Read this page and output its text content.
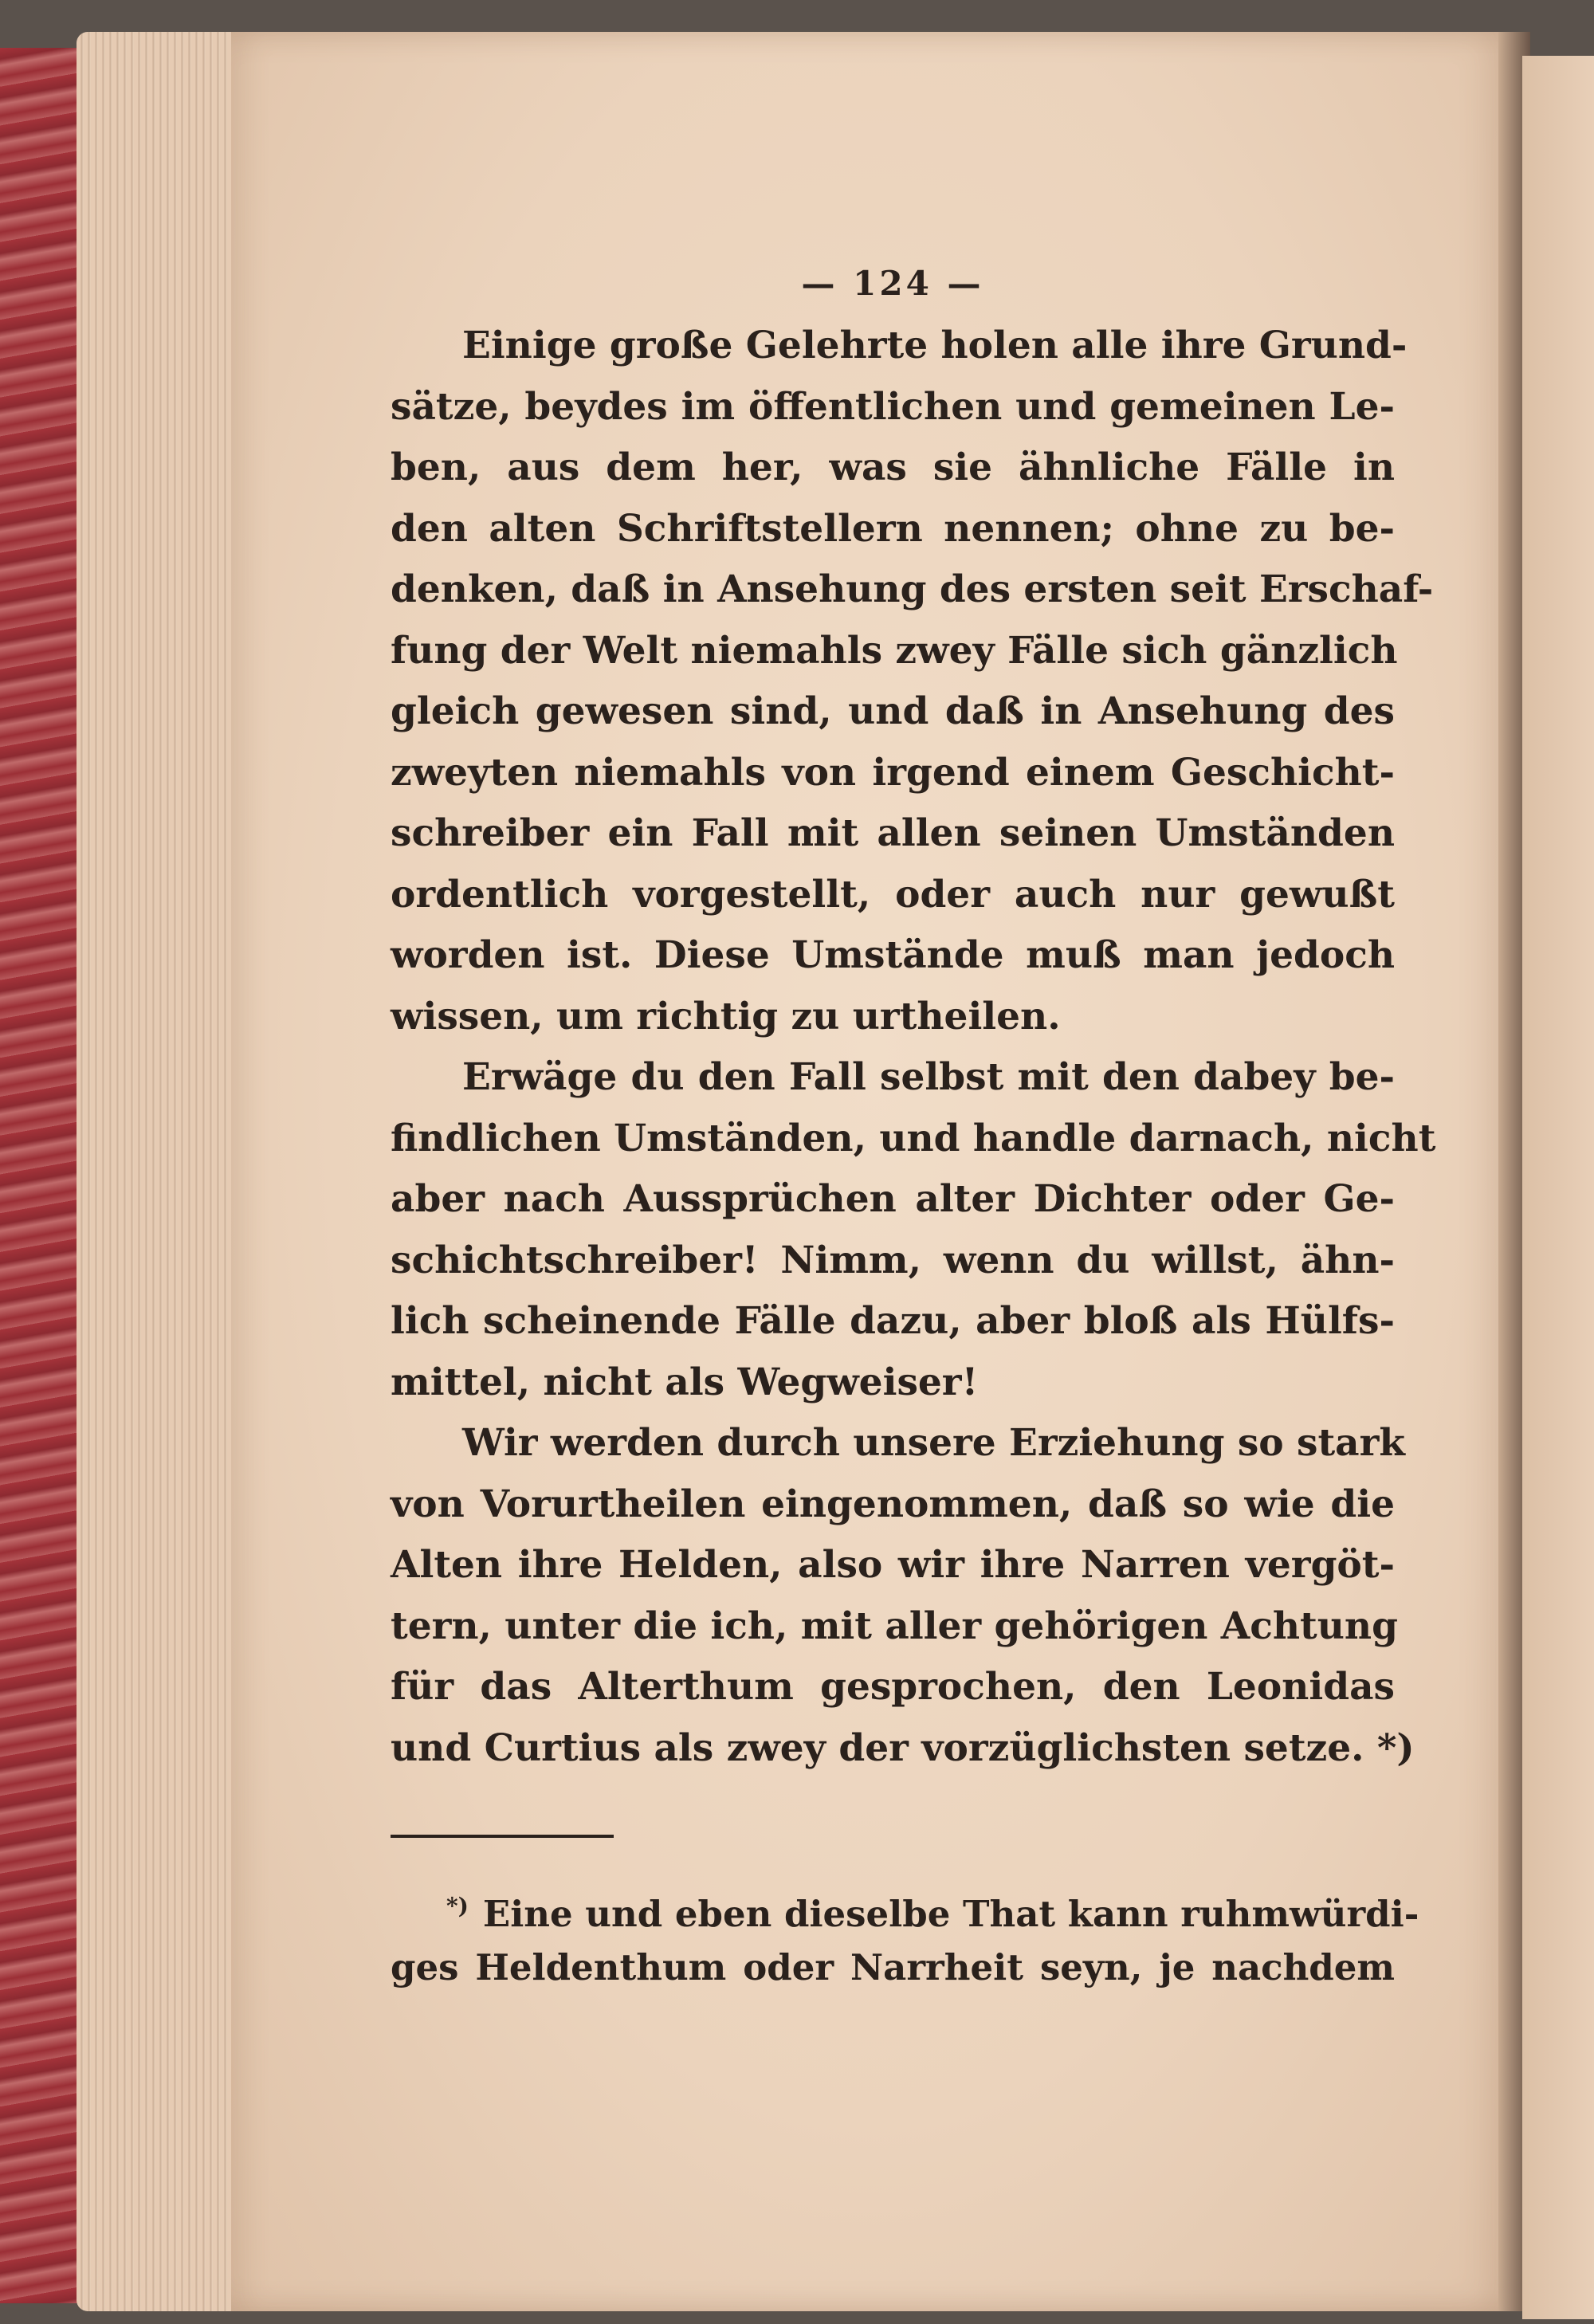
— 124 —
Einige große Gelehrte holen alle ihre Grund-
sätze, beydes im öffentlichen und gemeinen Le-
ben, aus dem her, was sie ähnliche Fälle in
den alten Schriftstellern nennen; ohne zu be-
denken, daß in Ansehung des ersten seit Erschaf-
fung der Welt niemahls zwey Fälle sich gänzlich
gleich gewesen sind, und daß in Ansehung des
zweyten niemahls von irgend einem Geschicht-
schreiber ein Fall mit allen seinen Umständen
ordentlich vorgestellt, oder auch nur gewußt
worden ist. Diese Umstände muß man jedoch
wissen, um richtig zu urtheilen.
Erwäge du den Fall selbst mit den dabey be-
findlichen Umständen, und handle darnach, nicht
aber nach Aussprüchen alter Dichter oder Ge-
schichtschreiber! Nimm, wenn du willst, ähn-
lich scheinende Fälle dazu, aber bloß als Hülfs-
mittel, nicht als Wegweiser!
Wir werden durch unsere Erziehung so stark
von Vorurtheilen eingenommen, daß so wie die
Alten ihre Helden, also wir ihre Narren vergöt-
tern, unter die ich, mit aller gehörigen Achtung
für das Alterthum gesprochen, den Leonidas
und Curtius als zwey der vorzüglichsten setze. *)
*) Eine und eben dieselbe That kann ruhmwürdi-
ges Heldenthum oder Narrheit seyn, je nachdem
